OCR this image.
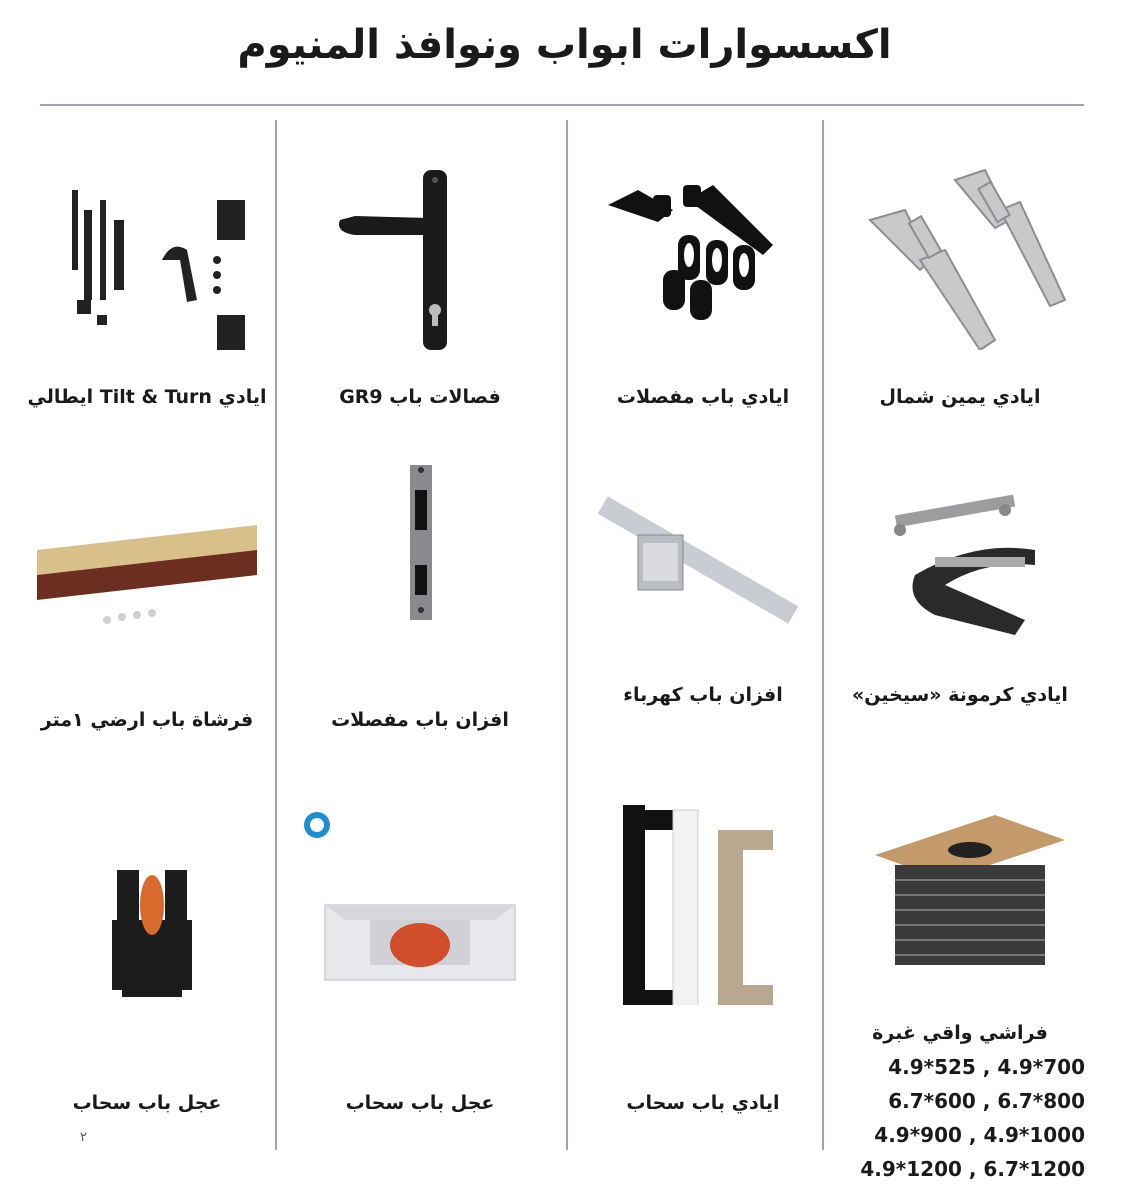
اكسسوارات ابواب ونوافذ المنيوم
ايادي يمين شمال
ايادي باب مفصلات
فصالات باب GR9
ايادي Tilt & Turn ايطالي
ايادي كرمونة «سيخين»
افزان باب كهرباء
افزان باب مفصلات
فرشاة باب ارضي ١متر
فراشي واقي غبرة
4.9*525 , 4.9*700
6.7*600 , 6.7*800
4.9*900 , 4.9*1000
4.9*1200 , 6.7*1200
ايادي باب سحاب
عجل باب سحاب
عجل باب سحاب
٢
